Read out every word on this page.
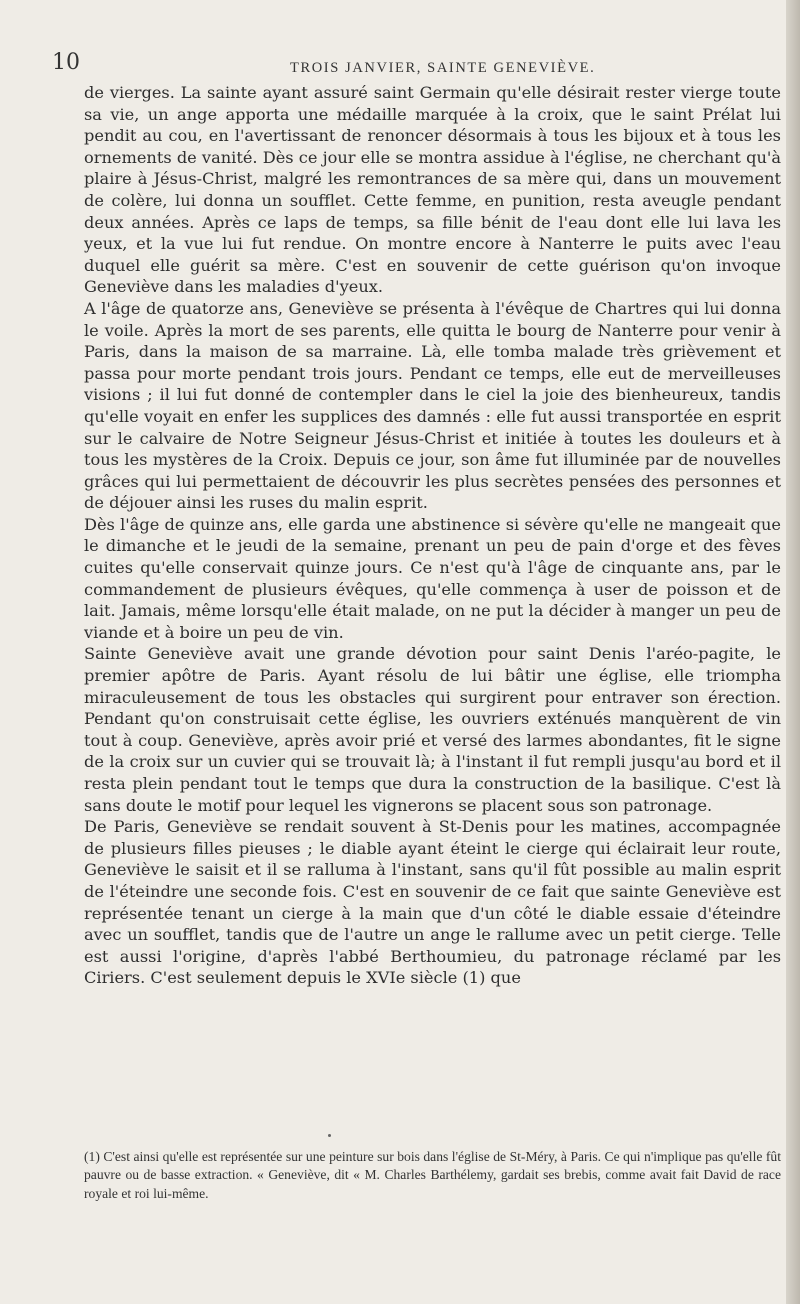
10	TROIS JANVIER, SAINTE GENEVIÈVE.

de vierges. La sainte ayant assuré saint Germain qu'elle désirait rester vierge toute sa vie, un ange apporta une médaille marquée à la croix, que le saint Prélat lui pendit au cou, en l'avertissant de renoncer désormais à tous les bijoux et à tous les ornements de vanité. Dès ce jour elle se montra assidue à l'église, ne cherchant qu'à plaire à Jésus-Christ, malgré les remontrances de sa mère qui, dans un mouvement de colère, lui donna un soufflet. Cette femme, en punition, resta aveugle pendant deux années. Après ce laps de temps, sa fille bénit de l'eau dont elle lui lava les yeux, et la vue lui fut rendue. On montre encore à Nanterre le puits avec l'eau duquel elle guérit sa mère. C'est en souvenir de cette guérison qu'on invoque Geneviève dans les maladies d'yeux.

A l'âge de quatorze ans, Geneviève se présenta à l'évêque de Chartres qui lui donna le voile. Après la mort de ses parents, elle quitta le bourg de Nanterre pour venir à Paris, dans la maison de sa marraine. Là, elle tomba malade très grièvement et passa pour morte pendant trois jours. Pendant ce temps, elle eut de merveilleuses visions ; il lui fut donné de contempler dans le ciel la joie des bienheureux, tandis qu'elle voyait en enfer les supplices des damnés : elle fut aussi transportée en esprit sur le calvaire de Notre Seigneur Jésus-Christ et initiée à toutes les douleurs et à tous les mystères de la Croix. Depuis ce jour, son âme fut illuminée par de nouvelles grâces qui lui permettaient de découvrir les plus secrètes pensées des personnes et de déjouer ainsi les ruses du malin esprit.

Dès l'âge de quinze ans, elle garda une abstinence si sévère qu'elle ne mangeait que le dimanche et le jeudi de la semaine, prenant un peu de pain d'orge et des fèves cuites qu'elle conservait quinze jours. Ce n'est qu'à l'âge de cinquante ans, par le commandement de plusieurs évêques, qu'elle commença à user de poisson et de lait. Jamais, même lorsqu'elle était malade, on ne put la décider à manger un peu de viande et à boire un peu de vin.

Sainte Geneviève avait une grande dévotion pour saint Denis l'aréo-pagite, le premier apôtre de Paris. Ayant résolu de lui bâtir une église, elle triompha miraculeusement de tous les obstacles qui surgirent pour entraver son érection. Pendant qu'on construisait cette église, les ouvriers exténués manquèrent de vin tout à coup. Geneviève, après avoir prié et versé des larmes abondantes, fit le signe de la croix sur un cuvier qui se trouvait là; à l'instant il fut rempli jusqu'au bord et il resta plein pendant tout le temps que dura la construction de la basilique. C'est là sans doute le motif pour lequel les vignerons se placent sous son patronage.

De Paris, Geneviève se rendait souvent à St-Denis pour les matines, accompagnée de plusieurs filles pieuses ; le diable ayant éteint le cierge qui éclairait leur route, Geneviève le saisit et il se ralluma à l'instant, sans qu'il fût possible au malin esprit de l'éteindre une seconde fois. C'est en souvenir de ce fait que sainte Geneviève est représentée tenant un cierge à la main que d'un côté le diable essaie d'éteindre avec un soufflet, tandis que de l'autre un ange le rallume avec un petit cierge. Telle est aussi l'origine, d'après l'abbé Berthoumieu, du patronage réclamé par les Ciriers. C'est seulement depuis le XVIe siècle (1) que

(1) C'est ainsi qu'elle est représentée sur une peinture sur bois dans l'église de St-Méry, à Paris. Ce qui n'implique pas qu'elle fût pauvre ou de basse extraction. « Geneviève, dit « M. Charles Barthélemy, gardait ses brebis, comme avait fait David de race royale et roi lui-même.
